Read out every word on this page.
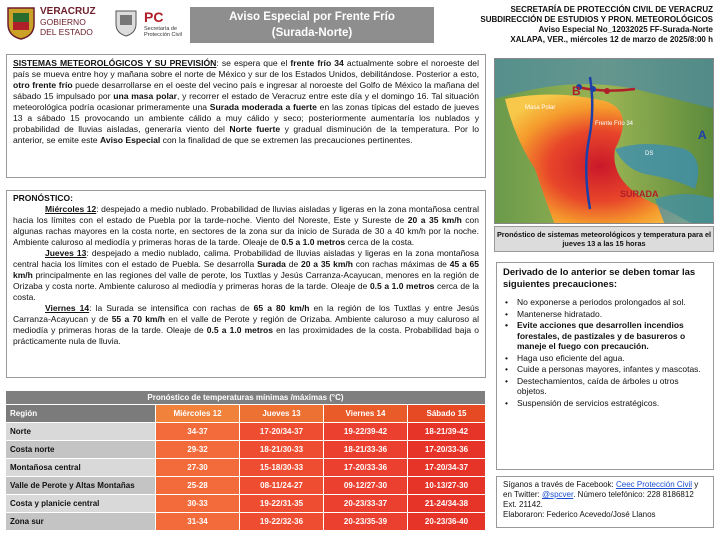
VERACRUZ
GOBIERNO
DEL ESTADO
PC
Secretaría de Protección Civil
Aviso Especial por Frente Frío
(Surada-Norte)
SECRETARÍA DE PROTECCIÓN CIVIL DE VERACRUZ
SUBDIRECCIÓN DE ESTUDIOS Y PRON. METEOROLÓGICOS
Aviso Especial No_12032025 FF-Surada-Norte
XALAPA, VER., miércoles 12 de marzo de 2025/8:00 h
SISTEMAS METEOROLÓGICOS Y SU PREVISIÓN: se espera que el frente frío 34 actualmente sobre el noroeste del país se mueva entre hoy y mañana sobre el norte de México y sur de los Estados Unidos, debilitándose. Posterior a esto, otro frente frío puede desarrollarse en el oeste del vecino país e ingresar al noroeste del Golfo de México la mañana del sábado 15 impulsado por una masa polar, y recorrer el estado de Veracruz entre este día y el domingo 16. Tal situación meteorológica podría ocasionar primeramente una Surada moderada a fuerte en las zonas típicas del estado de jueves 13 a sábado 15 provocando un ambiente cálido a muy cálido y seco; posteriormente aumentaría los nublados y probabilidad de lluvias aisladas, generaría viento del Norte fuerte y gradual disminución de la temperatura. Por lo anterior, se emite este Aviso Especial con la finalidad de que se extremen las precauciones pertinentes.
B
A
Masa Polar
Frente Frío 34
DS
SURADA
Pronóstico de sistemas meteorológicos y temperatura para el jueves 13 a las 15 horas
PRONÓSTICO:

Miércoles 12: despejado a medio nublado. Probabilidad de lluvias aisladas y ligeras en la zona montañosa central hacia los límites con el estado de Puebla por la tarde-noche. Viento del Noreste, Este y Sureste de 20 a 35 km/h con algunas rachas mayores en la costa norte, en sectores de la zona sur da inicio de Surada de 30 a 40 km/h por la noche. Ambiente caluroso al mediodía y primeras horas de la tarde. Oleaje de 0.5 a 1.0 metros cerca de la costa.

Jueves 13: despejado a medio nublado, calima. Probabilidad de lluvias aisladas y ligeras en la zona montañosa central hacia los límites con el estado de Puebla. Se desarrolla Surada de 20 a 35 km/h con rachas máximas de 45 a 65 km/h principalmente en las regiones del valle de perote, los Tuxtlas y Jesús Carranza-Acayucan, menores en la región de Orizaba y costa norte. Ambiente caluroso al mediodía y primeras horas de la tarde. Oleaje de 0.5 a 1.0 metros cerca de la costa.

Viernes 14: la Surada se intensifica con rachas de 65 a 80 km/h en la región de los Tuxtlas y entre Jesús Carranza-Acayucan y de 55 a 70 km/h en el valle de Perote y región de Orizaba. Ambiente caluroso a muy caluroso al mediodía y primeras horas de la tarde. Oleaje de 0.5 a 1.0 metros en las proximidades de la costa. Probabilidad baja o prácticamente nula de lluvia.

Pronóstico de temperaturas mínimas /máximas (°C)				
Región	Miércoles 12	Jueves 13	Viernes 14	Sábado 15
Norte	34-37	17-20/34-37	19-22/39-42	18-21/39-42
Costa norte	29-32	18-21/30-33	18-21/33-36	17-20/33-36
Montañosa central	27-30	15-18/30-33	17-20/33-36	17-20/34-37
Valle de Perote y Altas Montañas	25-28	08-11/24-27	09-12/27-30	10-13/27-30
Costa y planicie central	30-33	19-22/31-35	20-23/33-37	21-24/34-38
Zona sur	31-34	19-22/32-36	20-23/35-39	20-23/36-40
Derivado de lo anterior se deben tomar las siguientes precauciones:
• No exponerse a periodos prolongados al sol.
• Mantenerse hidratado.
• Evite acciones que desarrollen incendios forestales, de pastizales y de basureros o maneje el fuego con precaución.
• Haga uso eficiente del agua.
• Cuide a personas mayores, infantes y mascotas.
• Destechamientos, caída de árboles u otros objetos.
• Suspensión de servicios estratégicos.
Síganos a través de Facebook: Ceec Protección Civil y en Twitter: @spcver. Número telefónico: 228 8186812 Ext. 21142.
Elaboraron: Federico Acevedo/José Llanos
